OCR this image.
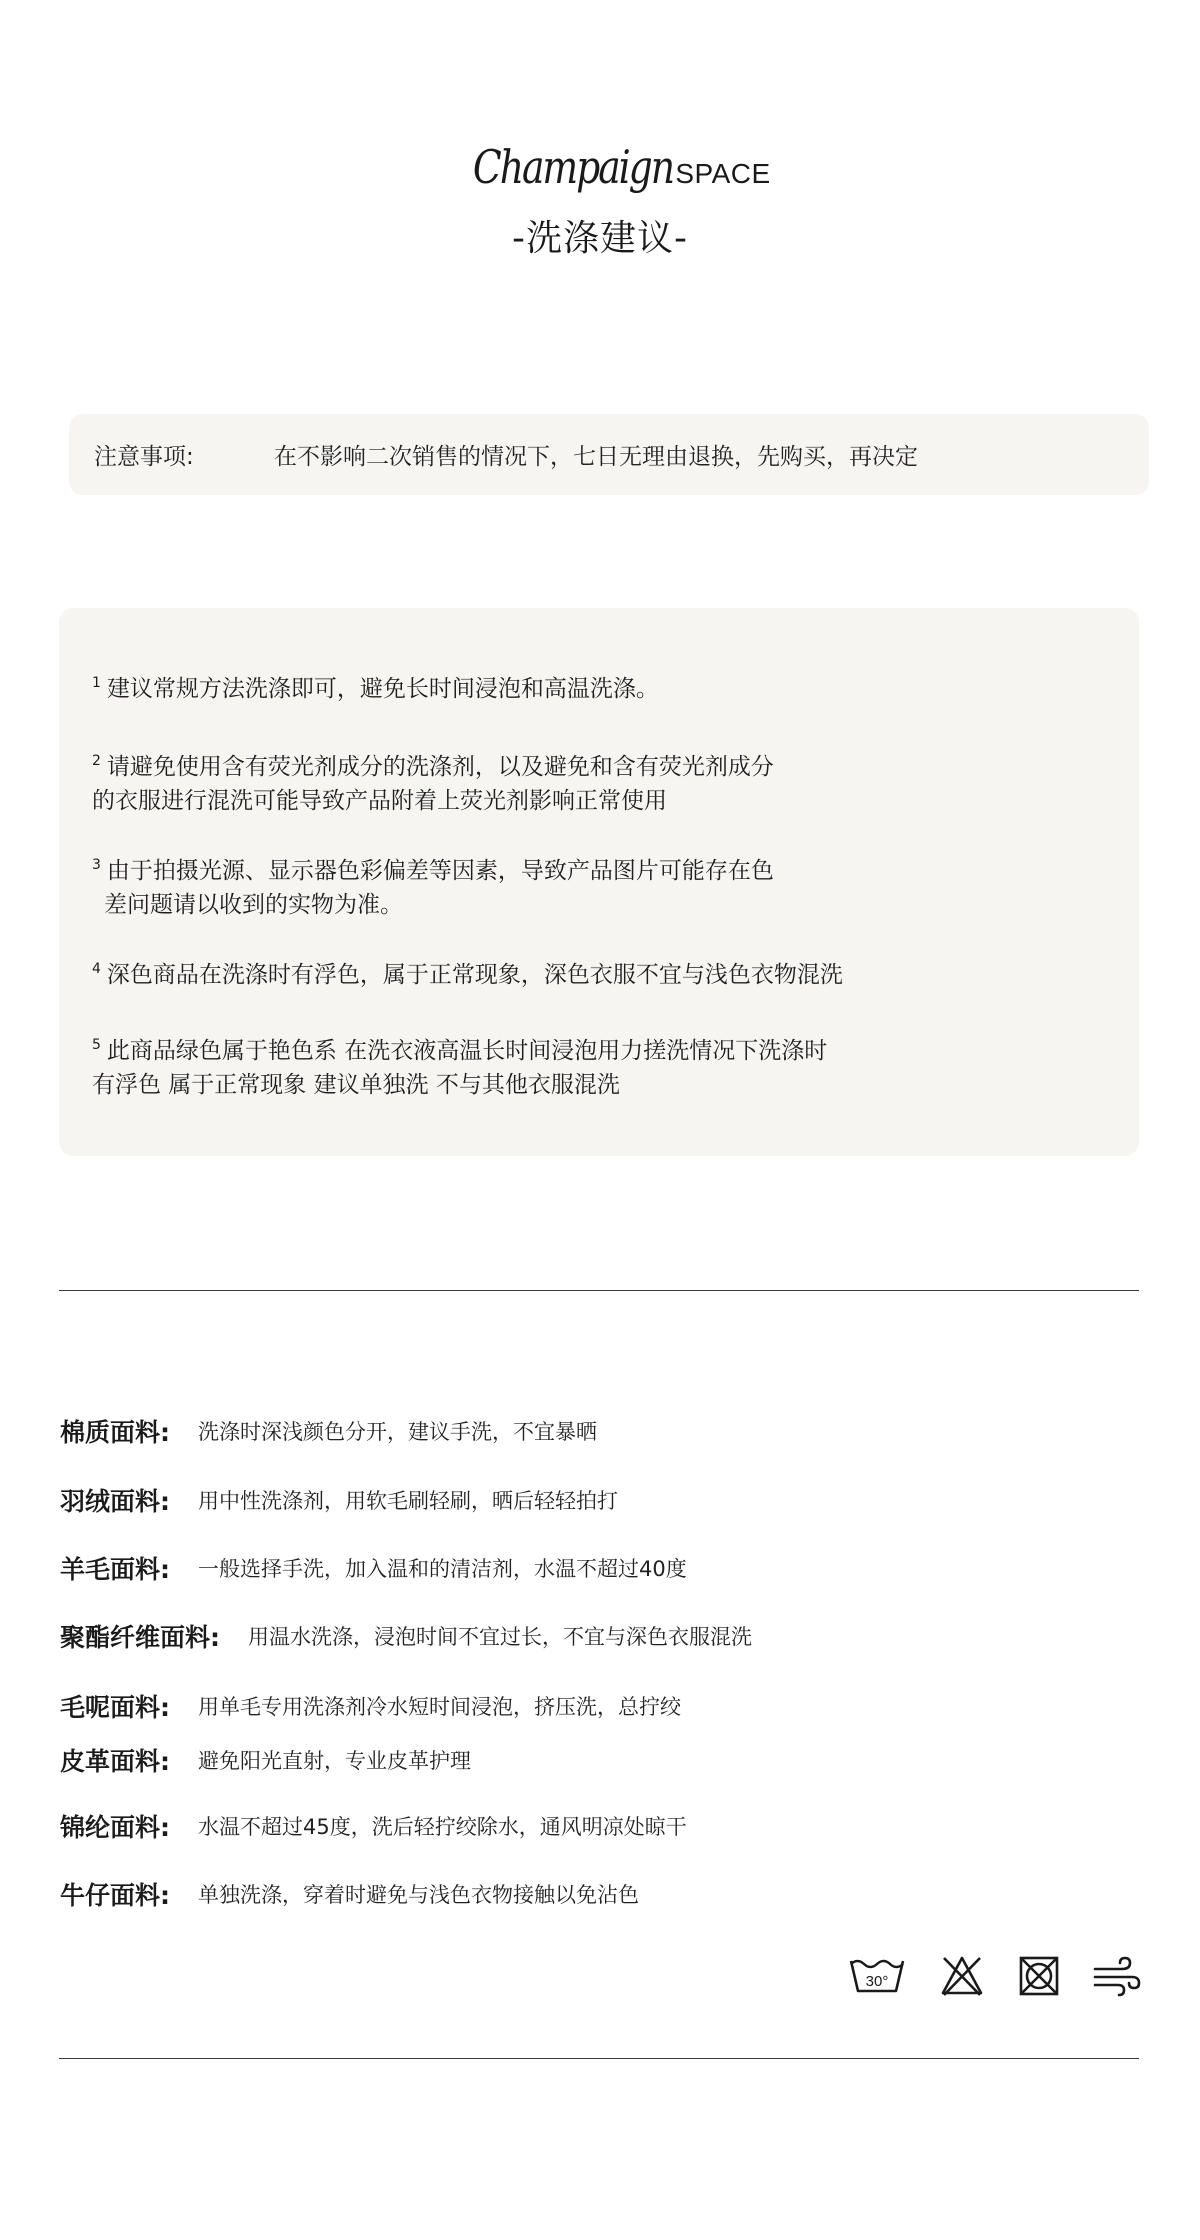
Champaign SPACE
-洗涤建议-
注意事项:	在不影响二次销售的情况下，七日无理由退换，先购买，再决定
$^1$ 建议常规方法洗涤即可，避免长时间浸泡和高温洗涤。
$^2$ 请避免使用含有荧光剂成分的洗涤剂，以及避免和含有荧光剂成分
的衣服进行混洗可能导致产品附着上荧光剂影响正常使用
$^3$ 由于拍摄光源、显示器色彩偏差等因素，导致产品图片可能存在色
差问题请以收到的实物为准。
$^4$ 深色商品在洗涤时有浮色，属于正常现象，深色衣服不宜与浅色衣物混洗
$^5$ 此商品绿色属于艳色系 在洗衣液高温长时间浸泡用力搓洗情况下洗涤时
有浮色 属于正常现象 建议单独洗 不与其他衣服混洗
棉质面料: 洗涤时深浅颜色分开，建议手洗，不宜暴晒
羽绒面料: 用中性洗涤剂，用软毛刷轻刷，晒后轻轻拍打
羊毛面料: 一般选择手洗，加入温和的清洁剂，水温不超过40度
聚酯纤维面料: 用温水洗涤，浸泡时间不宜过长，不宜与深色衣服混洗
毛呢面料: 用单毛专用洗涤剂冷水短时间浸泡，挤压洗，总拧绞
皮革面料: 避免阳光直射，专业皮革护理
锦纶面料: 水温不超过45度，洗后轻拧绞除水，通风明凉处晾干
牛仔面料: 单独洗涤，穿着时避免与浅色衣物接触以免沾色
30°
